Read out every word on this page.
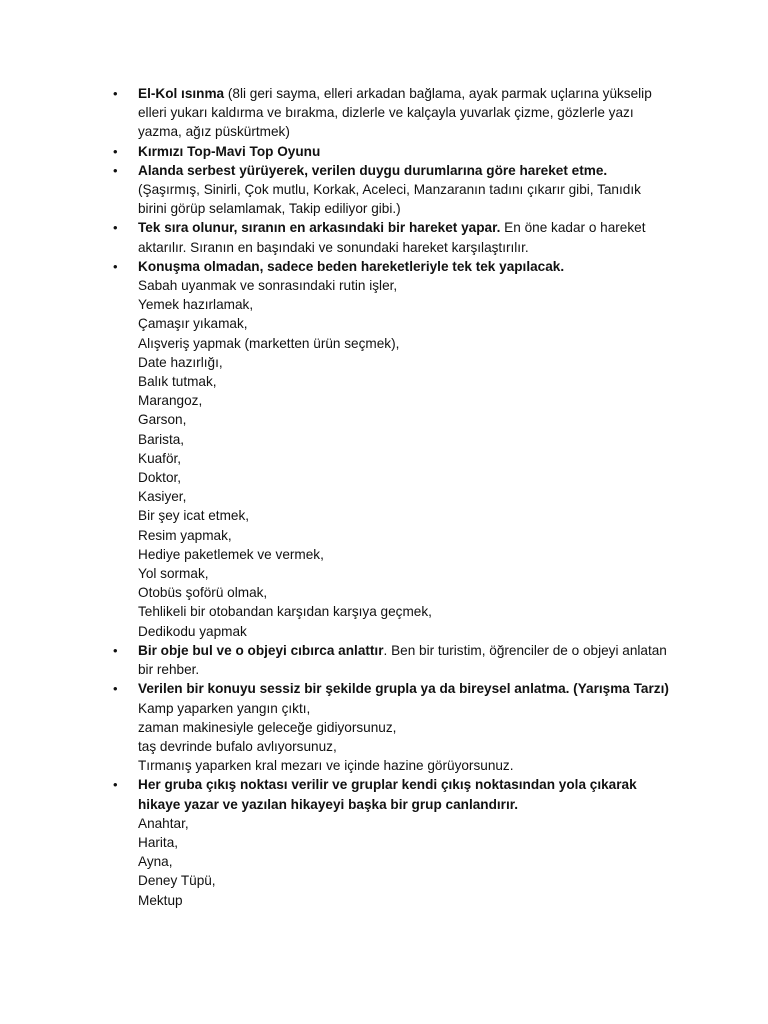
•	El-Kol ısınma (8li geri sayma, elleri arkadan bağlama, ayak parmak uçlarına yükselip elleri yukarı kaldırma ve bırakma, dizlerle ve kalçayla yuvarlak çizme, gözlerle yazı yazma, ağız püskürtmek)
•	Kırmızı Top-Mavi Top Oyunu
•	Alanda serbest yürüyerek, verilen duygu durumlarına göre hareket etme.
(Şaşırmış, Sinirli, Çok mutlu, Korkak, Aceleci, Manzaranın tadını çıkarır gibi, Tanıdık birini görüp selamlamak, Takip ediliyor gibi.)
•	Tek sıra olunur, sıranın en arkasındaki bir hareket yapar. En öne kadar o hareket aktarılır. Sıranın en başındaki ve sonundaki hareket karşılaştırılır.
•	Konuşma olmadan, sadece beden hareketleriyle tek tek yapılacak.
Sabah uyanmak ve sonrasındaki rutin işler,
Yemek hazırlamak,
Çamaşır yıkamak,
Alışveriş yapmak (marketten ürün seçmek),
Date hazırlığı,
Balık tutmak,
Marangoz,
Garson,
Barista,
Kuaför,
Doktor,
Kasiyer,
Bir şey icat etmek,
Resim yapmak,
Hediye paketlemek ve vermek,
Yol sormak,
Otobüs şoförü olmak,
Tehlikeli bir otobandan karşıdan karşıya geçmek,
Dedikodu yapmak
•	Bir obje bul ve o objeyi cıbırca anlattır. Ben bir turistim, öğrenciler de o objeyi anlatan bir rehber.
•	Verilen bir konuyu sessiz bir şekilde grupla ya da bireysel anlatma. (Yarışma Tarzı)
Kamp yaparken yangın çıktı,
zaman makinesiyle geleceğe gidiyorsunuz,
taş devrinde bufalo avlıyorsunuz,
Tırmanış yaparken kral mezarı ve içinde hazine görüyorsunuz.
•	Her gruba çıkış noktası verilir ve gruplar kendi çıkış noktasından yola çıkarak hikaye yazar ve yazılan hikayeyi başka bir grup canlandırır.
Anahtar,
Harita,
Ayna,
Deney Tüpü,
Mektup
